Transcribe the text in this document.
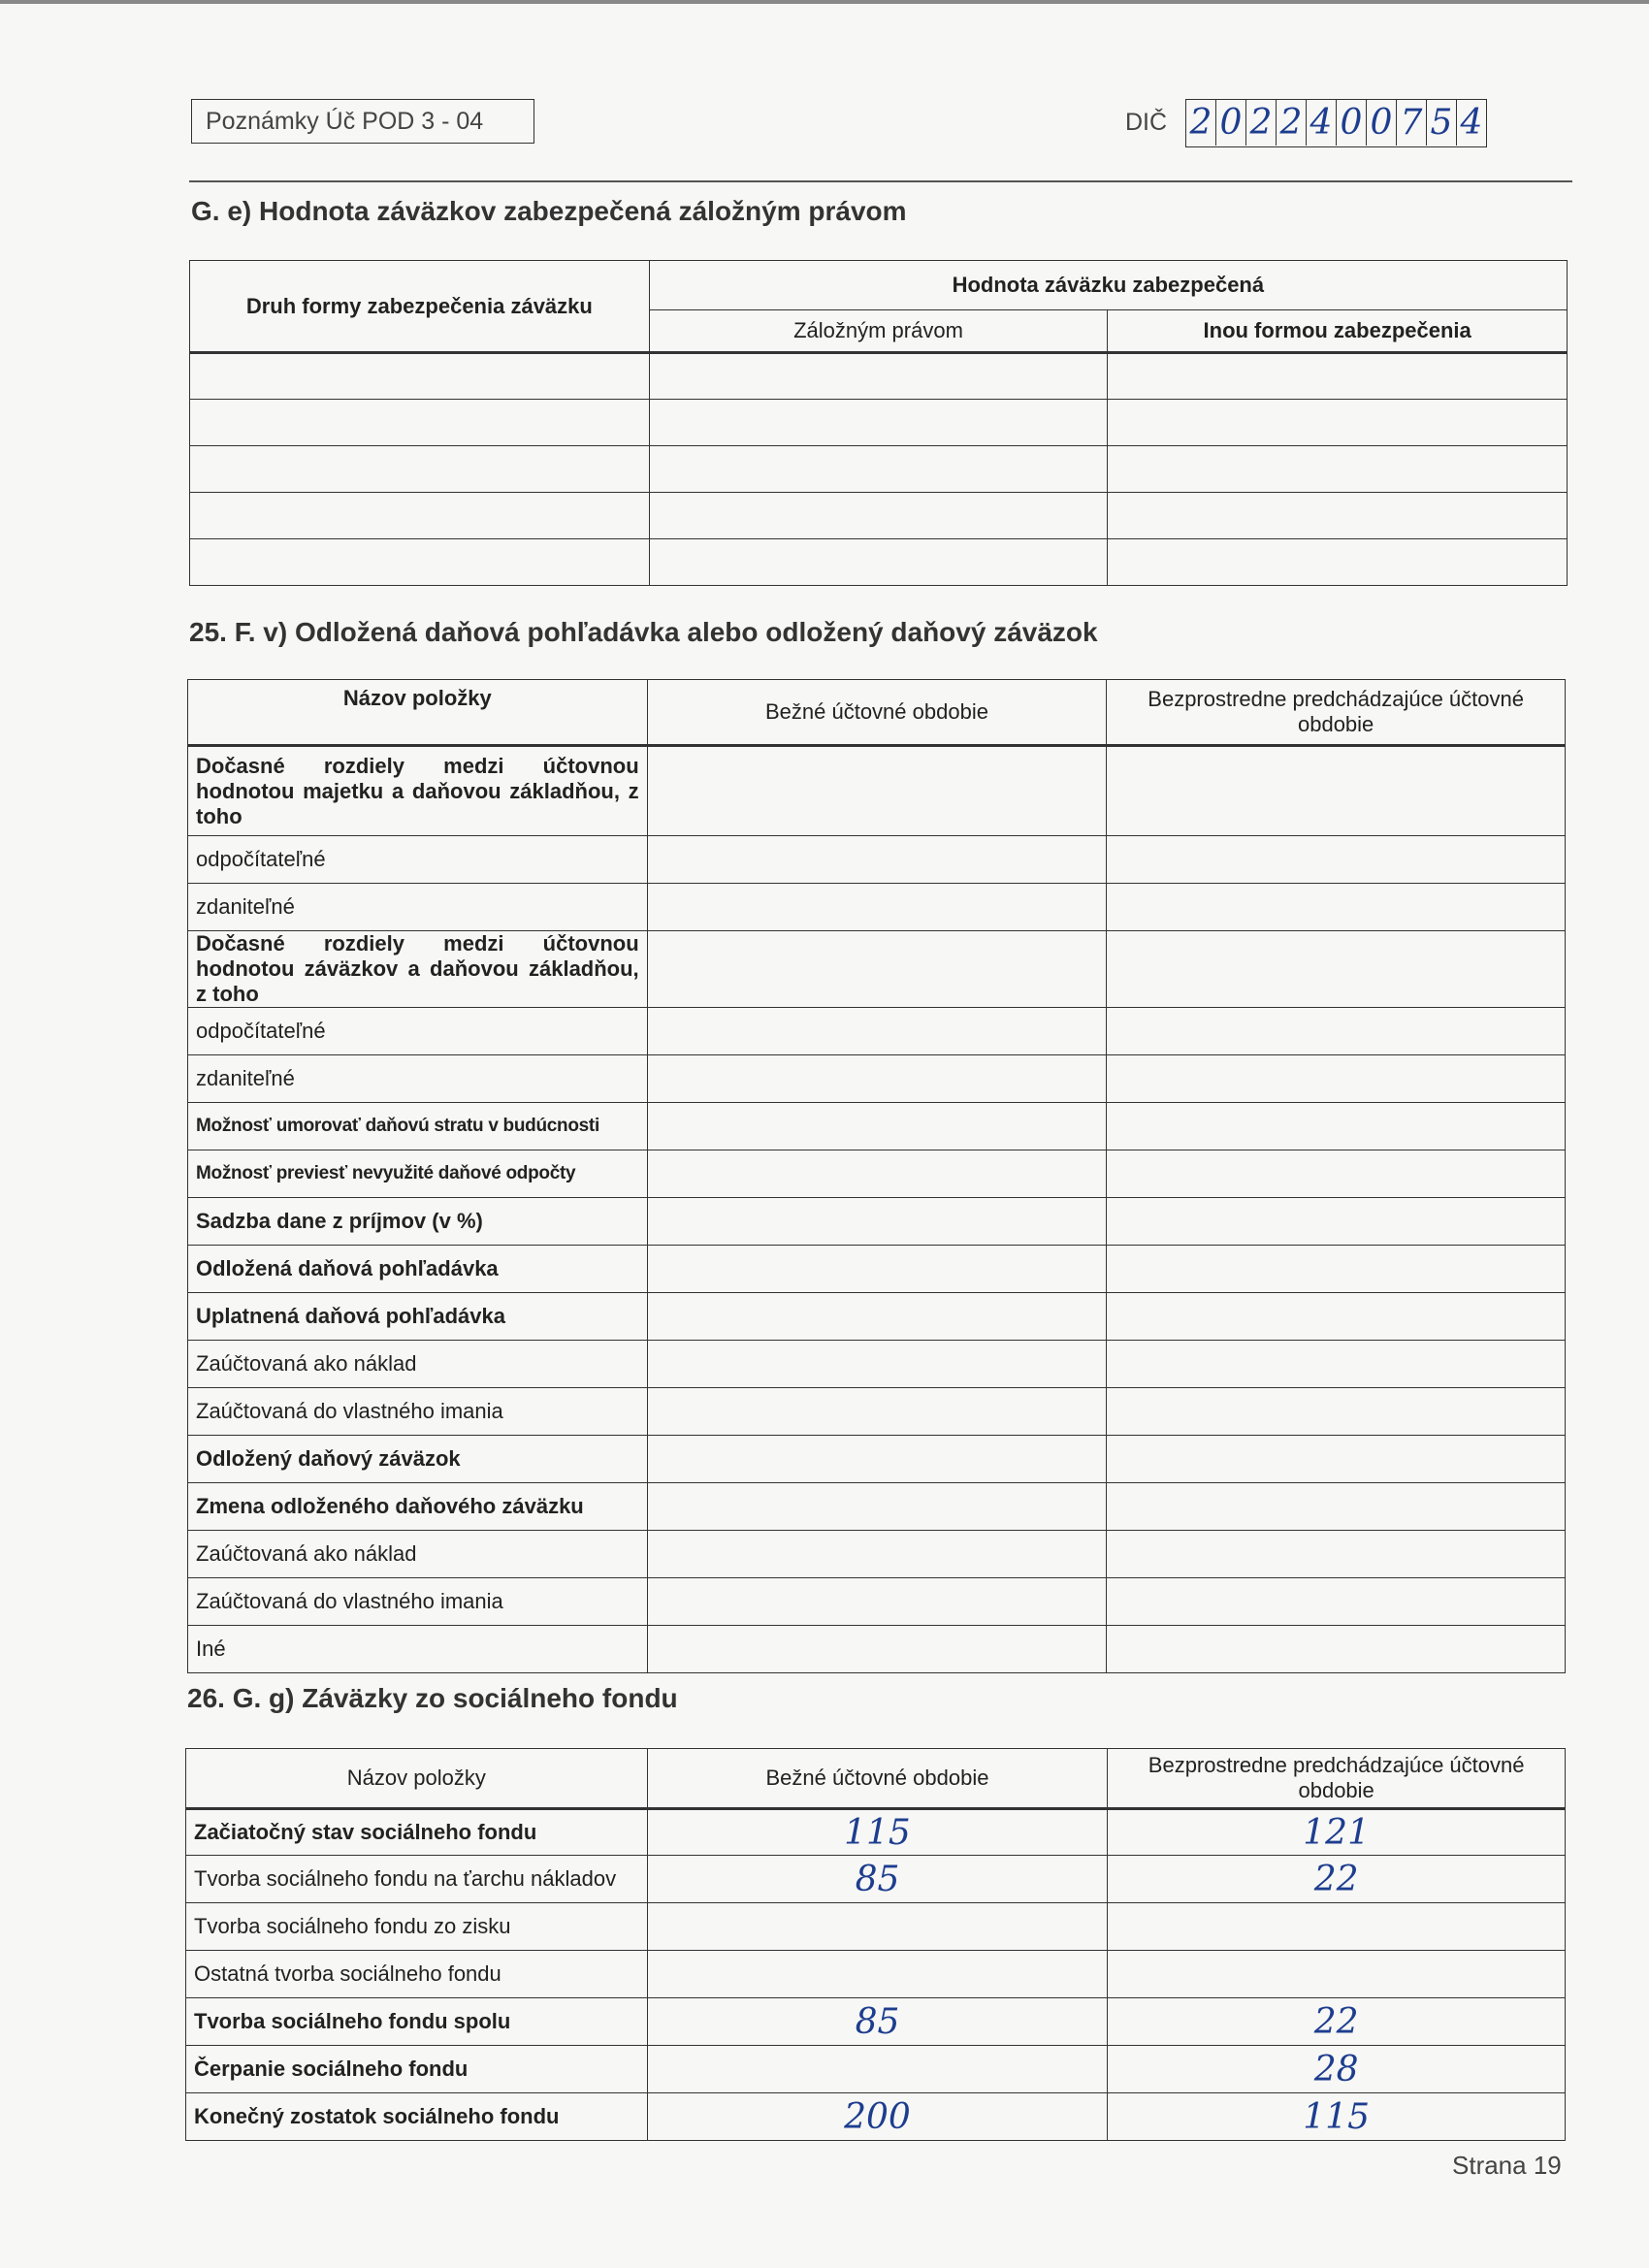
Poznámky Úč POD 3 - 04	DIČ 2 0 2 2 4 0 0 7 5 4
G. e) Hodnota záväzkov zabezpečená záložným právom
Druh formy zabezpečenia záväzku	Hodnota záväzku zabezpečená	
	Záložným právom	Inou formou zabezpečenia

25. F. v) Odložená daňová pohľadávka alebo odložený daňový záväzok
Názov položky	Bežné účtovné obdobie	Bezprostredne predchádzajúce účtovné obdobie
Dočasné rozdiely medzi účtovnou hodnotou majetku a daňovou základňou, z toho		
odpočítateľné		
zdaniteľné		
Dočasné rozdiely medzi účtovnou hodnotou záväzkov a daňovou základňou, z toho		
odpočítateľné		
zdaniteľné		
Možnosť umorovať daňovú stratu v budúcnosti		
Možnosť previesť nevyužité daňové odpočty		
Sadzba dane z príjmov (v %)		
Odložená daňová pohľadávka		
Uplatnená daňová pohľadávka		
Zaúčtovaná ako náklad		
Zaúčtovaná do vlastného imania		
Odložený daňový záväzok		
Zmena odloženého daňového záväzku		
Zaúčtovaná ako náklad		
Zaúčtovaná do vlastného imania		
Iné		
26. G. g) Záväzky zo sociálneho fondu
Názov položky	Bežné účtovné obdobie	Bezprostredne predchádzajúce účtovné obdobie
Začiatočný stav sociálneho fondu	115	121
Tvorba sociálneho fondu na ťarchu nákladov	85	22
Tvorba sociálneho fondu zo zisku		
Ostatná tvorba sociálneho fondu		
Tvorba sociálneho fondu spolu	85	22
Čerpanie sociálneho fondu		28
Konečný zostatok sociálneho fondu	200	115
Strana 19
